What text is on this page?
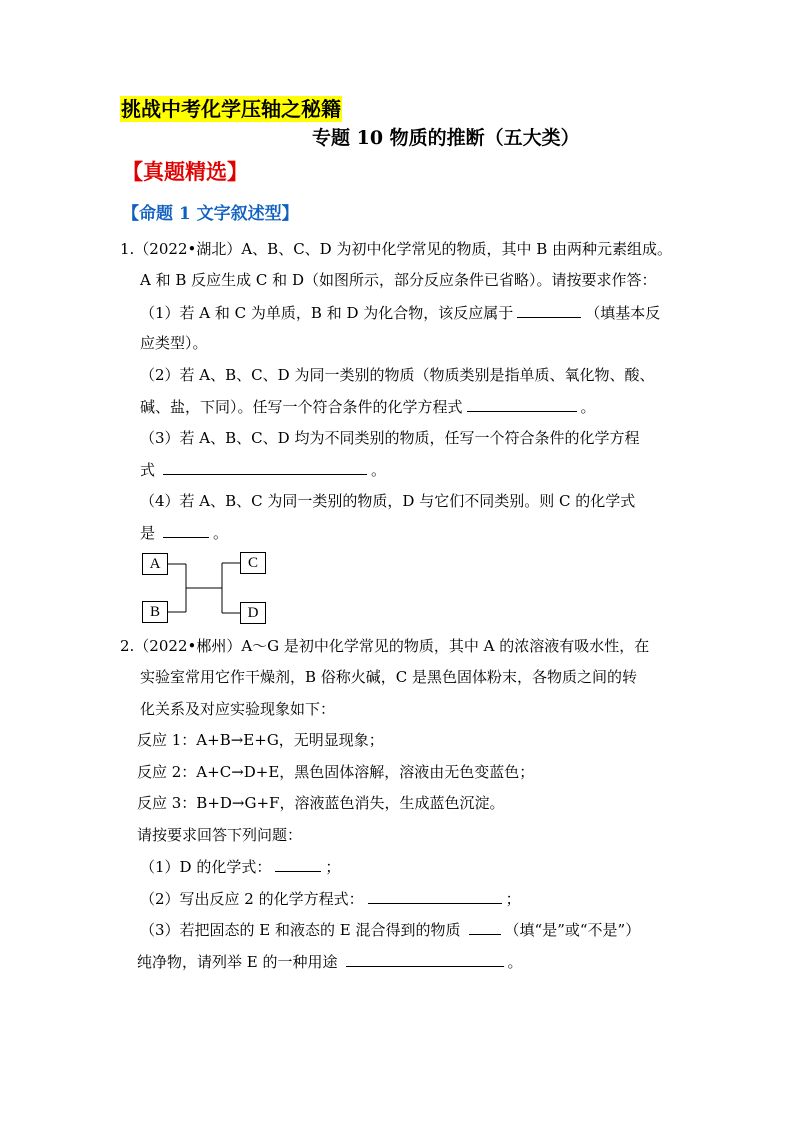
挑战中考化学压轴之秘籍
专题 10 物质的推断（五大类）
【真题精选】
【命题 1 文字叙述型】
1.（2022•湖北）A、B、C、D 为初中化学常见的物质，其中 B 由两种元素组成。
A 和 B 反应生成 C 和 D（如图所示，部分反应条件已省略）。请按要求作答：
（1）若 A 和 C 为单质，B 和 D 为化合物，该反应属于	（填基本反
应类型）。
（2）若 A、B、C、D 为同一类别的物质（物质类别是指单质、氧化物、酸、
碱、盐，下同）。任写一个符合条件的化学方程式	。
（3）若 A、B、C、D 均为不同类别的物质，任写一个符合条件的化学方程
式	。
（4）若 A、B、C 为同一类别的物质，D 与它们不同类别。则 C 的化学式
是	。
A
B
C
D
2.（2022•郴州）A～G 是初中化学常见的物质，其中 A 的浓溶液有吸水性，在
实验室常用它作干燥剂，B 俗称火碱，C 是黑色固体粉末，各物质之间的转
化关系及对应实验现象如下：
反应 1：A+B→E+G，无明显现象；
反应 2：A+C→D+E，黑色固体溶解，溶液由无色变蓝色；
反应 3：B+D→G+F，溶液蓝色消失，生成蓝色沉淀。
请按要求回答下列问题：
（1）D 的化学式：	；
（2）写出反应 2 的化学方程式：	；
（3）若把固态的 E 和液态的 E 混合得到的物质	（填“是”或“不是”）
纯净物，请列举 E 的一种用途	。
